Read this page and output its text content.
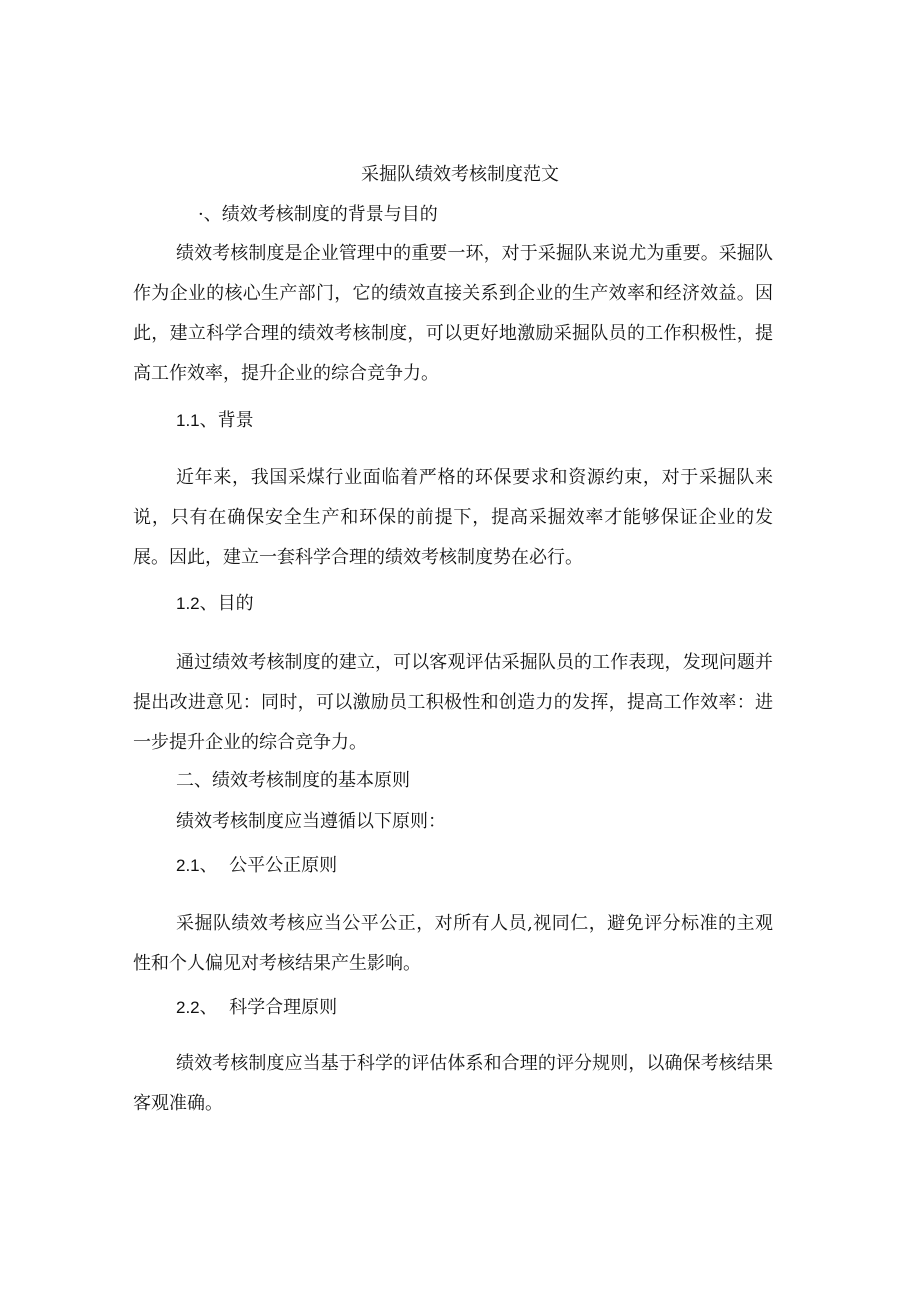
采掘队绩效考核制度范文
·、绩效考核制度的背景与目的

绩效考核制度是企业管理中的重要一环，对于采掘队来说尤为重要。采掘队作为企业的核心生产部门，它的绩效直接关系到企业的生产效率和经济效益。因此，建立科学合理的绩效考核制度，可以更好地激励采掘队员的工作积极性，提高工作效率，提升企业的综合竞争力。

1.1、背景

近年来，我国采煤行业面临着严格的环保要求和资源约束，对于采掘队来说，只有在确保安全生产和环保的前提下，提高采掘效率才能够保证企业的发展。因此，建立一套科学合理的绩效考核制度势在必行。

1.2、目的

通过绩效考核制度的建立，可以客观评估采掘队员的工作表现，发现问题并提出改进意见：同时，可以激励员工积极性和创造力的发挥，提高工作效率：进一步提升企业的综合竞争力。

二、绩效考核制度的基本原则
绩效考核制度应当遵循以下原则：
2.1、  公平公正原则

采掘队绩效考核应当公平公正，对所有人员,视同仁，避免评分标准的主观性和个人偏见对考核结果产生影响。

2.2、  科学合理原则

绩效考核制度应当基于科学的评估体系和合理的评分规则，以确保考核结果客观准确。
